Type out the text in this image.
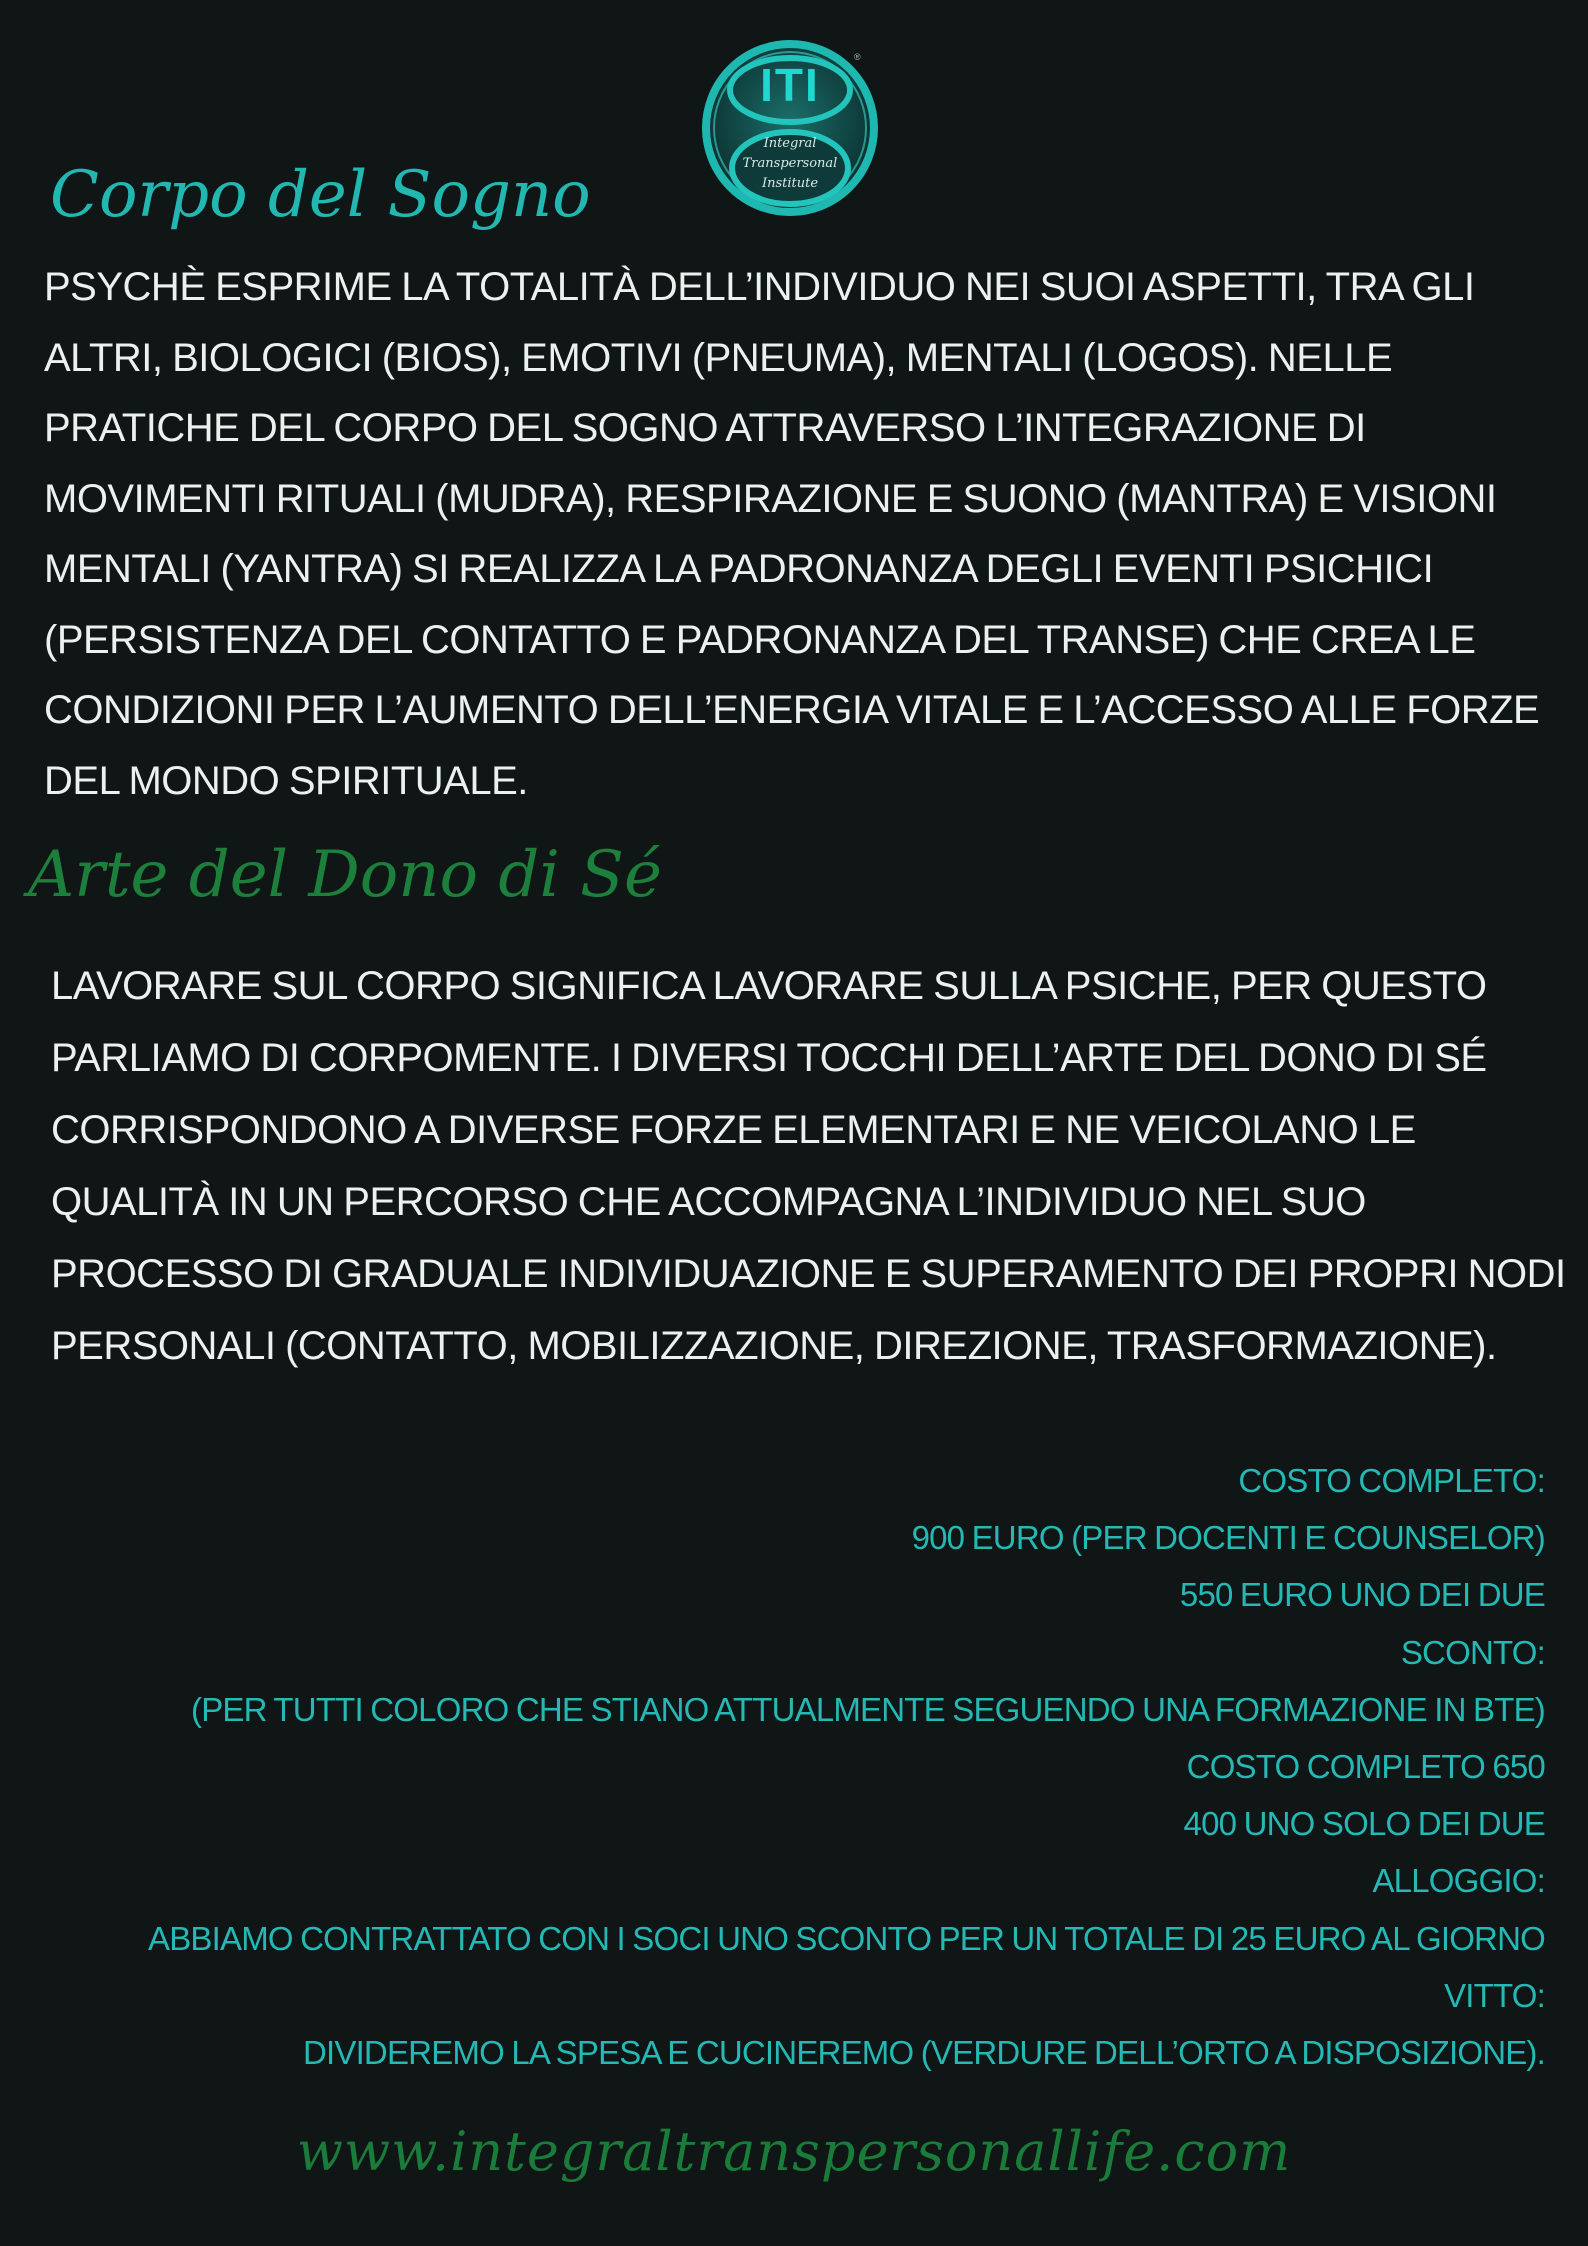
ITI
®
Integral
Transpersonal
Institute
Corpo del Sogno

PSYCHÈ ESPRIME LA TOTALITÀ DELL’INDIVIDUO NEI SUOI ASPETTI, TRA GLI ALTRI, BIOLOGICI (BIOS), EMOTIVI (PNEUMA), MENTALI (LOGOS). NELLE PRATICHE DEL CORPO DEL SOGNO ATTRAVERSO L’INTEGRAZIONE DI MOVIMENTI RITUALI (MUDRA), RESPIRAZIONE E SUONO (MANTRA) E VISIONI MENTALI (YANTRA) SI REALIZZA LA PADRONANZA DEGLI EVENTI PSICHICI (PERSISTENZA DEL CONTATTO E PADRONANZA DEL TRANSE) CHE CREA LE CONDIZIONI PER L’AUMENTO DELL’ENERGIA VITALE E L’ACCESSO ALLE FORZE DEL MONDO SPIRITUALE.

Arte del Dono di Sé

LAVORARE SUL CORPO SIGNIFICA LAVORARE SULLA PSICHE, PER QUESTO PARLIAMO DI CORPOMENTE. I DIVERSI TOCCHI DELL’ARTE DEL DONO DI SÉ CORRISPONDONO A DIVERSE FORZE ELEMENTARI E NE VEICOLANO LE QUALITÀ IN UN PERCORSO CHE ACCOMPAGNA L’INDIVIDUO NEL SUO PROCESSO DI GRADUALE INDIVIDUAZIONE E SUPERAMENTO DEI PROPRI NODI PERSONALI (CONTATTO, MOBILIZZAZIONE, DIREZIONE, TRASFORMAZIONE).

COSTO COMPLETO:
900 EURO (PER DOCENTI E COUNSELOR)
550 EURO UNO DEI DUE
SCONTO:
(PER TUTTI COLORO CHE STIANO ATTUALMENTE SEGUENDO UNA FORMAZIONE IN BTE)
COSTO COMPLETO 650
400 UNO SOLO DEI DUE
ALLOGGIO:
ABBIAMO CONTRATTATO CON I SOCI UNO SCONTO PER UN TOTALE DI 25 EURO AL GIORNO
VITTO:
DIVIDEREMO LA SPESA E CUCINEREMO (VERDURE DELL’ORTO A DISPOSIZIONE).
www.integraltranspersonallife.com
